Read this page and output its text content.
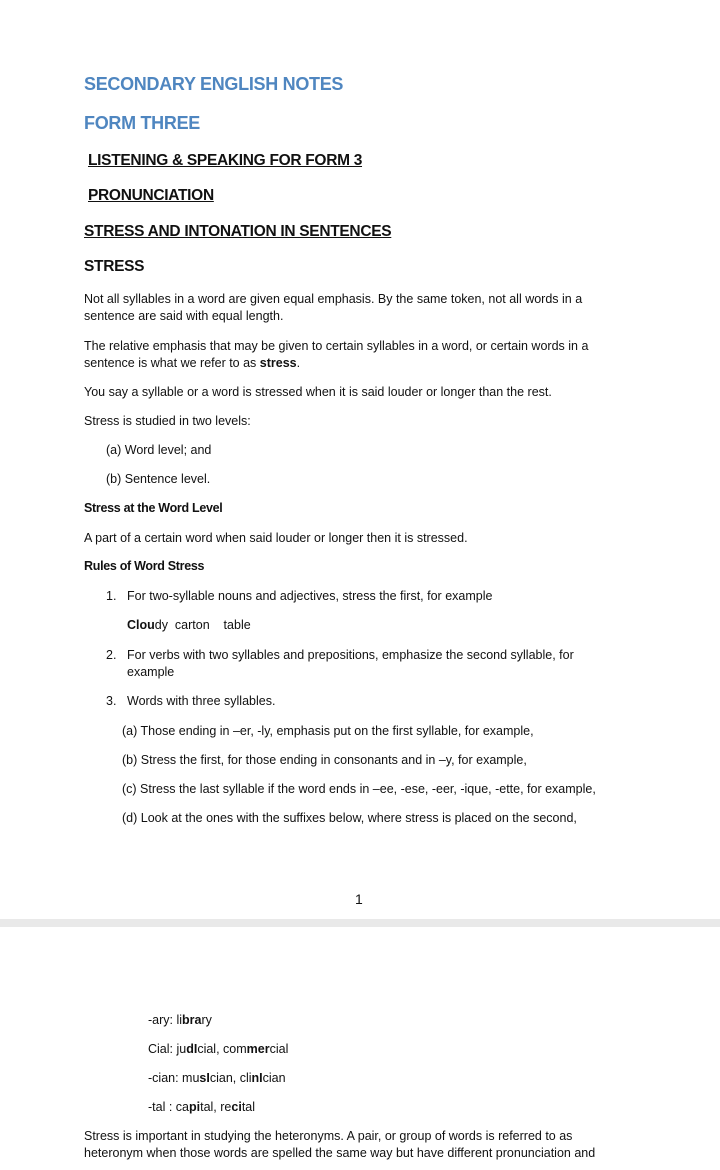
SECONDARY ENGLISH NOTES
FORM THREE
LISTENING & SPEAKING FOR FORM 3
PRONUNCIATION
STRESS AND INTONATION IN SENTENCES
STRESS
Not all syllables in a word are given equal emphasis. By the same token, not all words in a sentence are said with equal length.
The relative emphasis that may be given to certain syllables in a word, or certain words in a sentence is what we refer to as stress.
You say a syllable or a word is stressed when it is said louder or longer than the rest.
Stress is studied in two levels:
(a) Word level; and
(b) Sentence level.
Stress at the Word Level
A part of a certain word when said louder or longer then it is stressed.
Rules of Word Stress
1. For two-syllable nouns and adjectives, stress the first, for example
Cloudy  carton    table
2. For verbs with two syllables and prepositions, emphasize the second syllable, for example
3. Words with three syllables.
(a) Those ending in –er, -ly, emphasis put on the first syllable, for example,
(b) Stress the first, for those ending in consonants and in –y, for example,
(c) Stress the last syllable if the word ends in –ee, -ese, -eer, -ique, -ette, for example,
(d) Look at the ones with the suffixes below, where stress is placed on the second,
1
-ary: library
Cial: judIcial, commercial
-cian: musIcian, clinIcian
-tal : capital, recital
Stress is important in studying the heteronyms. A pair, or group of words is referred to as heteronym when those words are spelled the same way but have different pronunciation and
